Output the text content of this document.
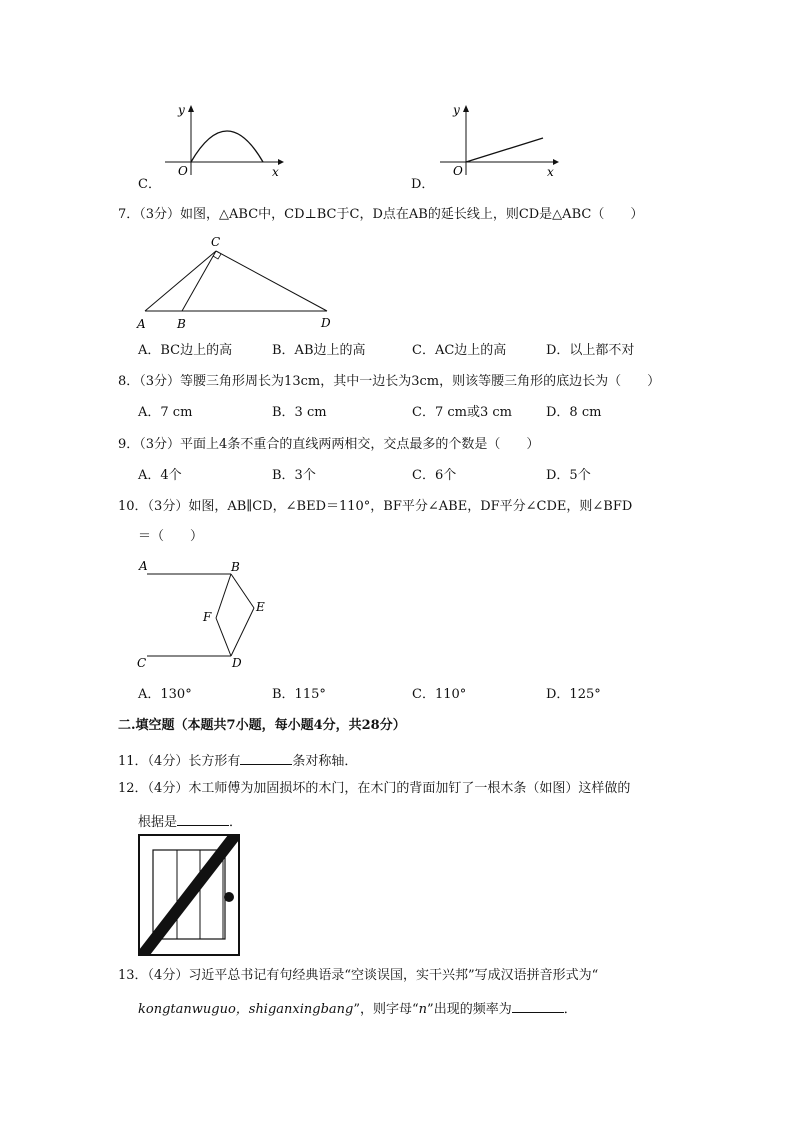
y
x
O
C．
y
x
O
D．
7．（3分）如图，△ABC中，CD⊥BC于C，D点在AB的延长线上，则CD是△ABC（　　）
A	B
C
D
A．BC边上的高	B．AB边上的高	C．AC边上的高	D．以上都不对
8．（3分）等腰三角形周长为13cm，其中一边长为3cm，则该等腰三角形的底边长为（　　）
A．7 cm	B．3 cm	C．7 cm或3 cm	D．8 cm
9．（3分）平面上4条不重合的直线两两相交，交点最多的个数是（　　）
A．4个	B．3个	C．6个	D．5个
10．（3分）如图，AB∥CD，∠BED＝110°，BF平分∠ABE，DF平分∠CDE，则∠BFD
＝（　　）
A	B
E
F
C	D
A．130°	B．115°	C．110°	D．125°
二.填空题（本题共7小题，每小题4分，共28分）
11．（4分）长方形有	条对称轴．
12．（4分）木工师傅为加固损坏的木门，在木门的背面加钉了一根木条（如图）这样做的
根据是	．
13．（4分）习近平总书记有句经典语录“空谈误国，实干兴邦”写成汉语拼音形式为“
kongtanwuguo，shiganxingbang”，则字母“n”出现的频率为	．
